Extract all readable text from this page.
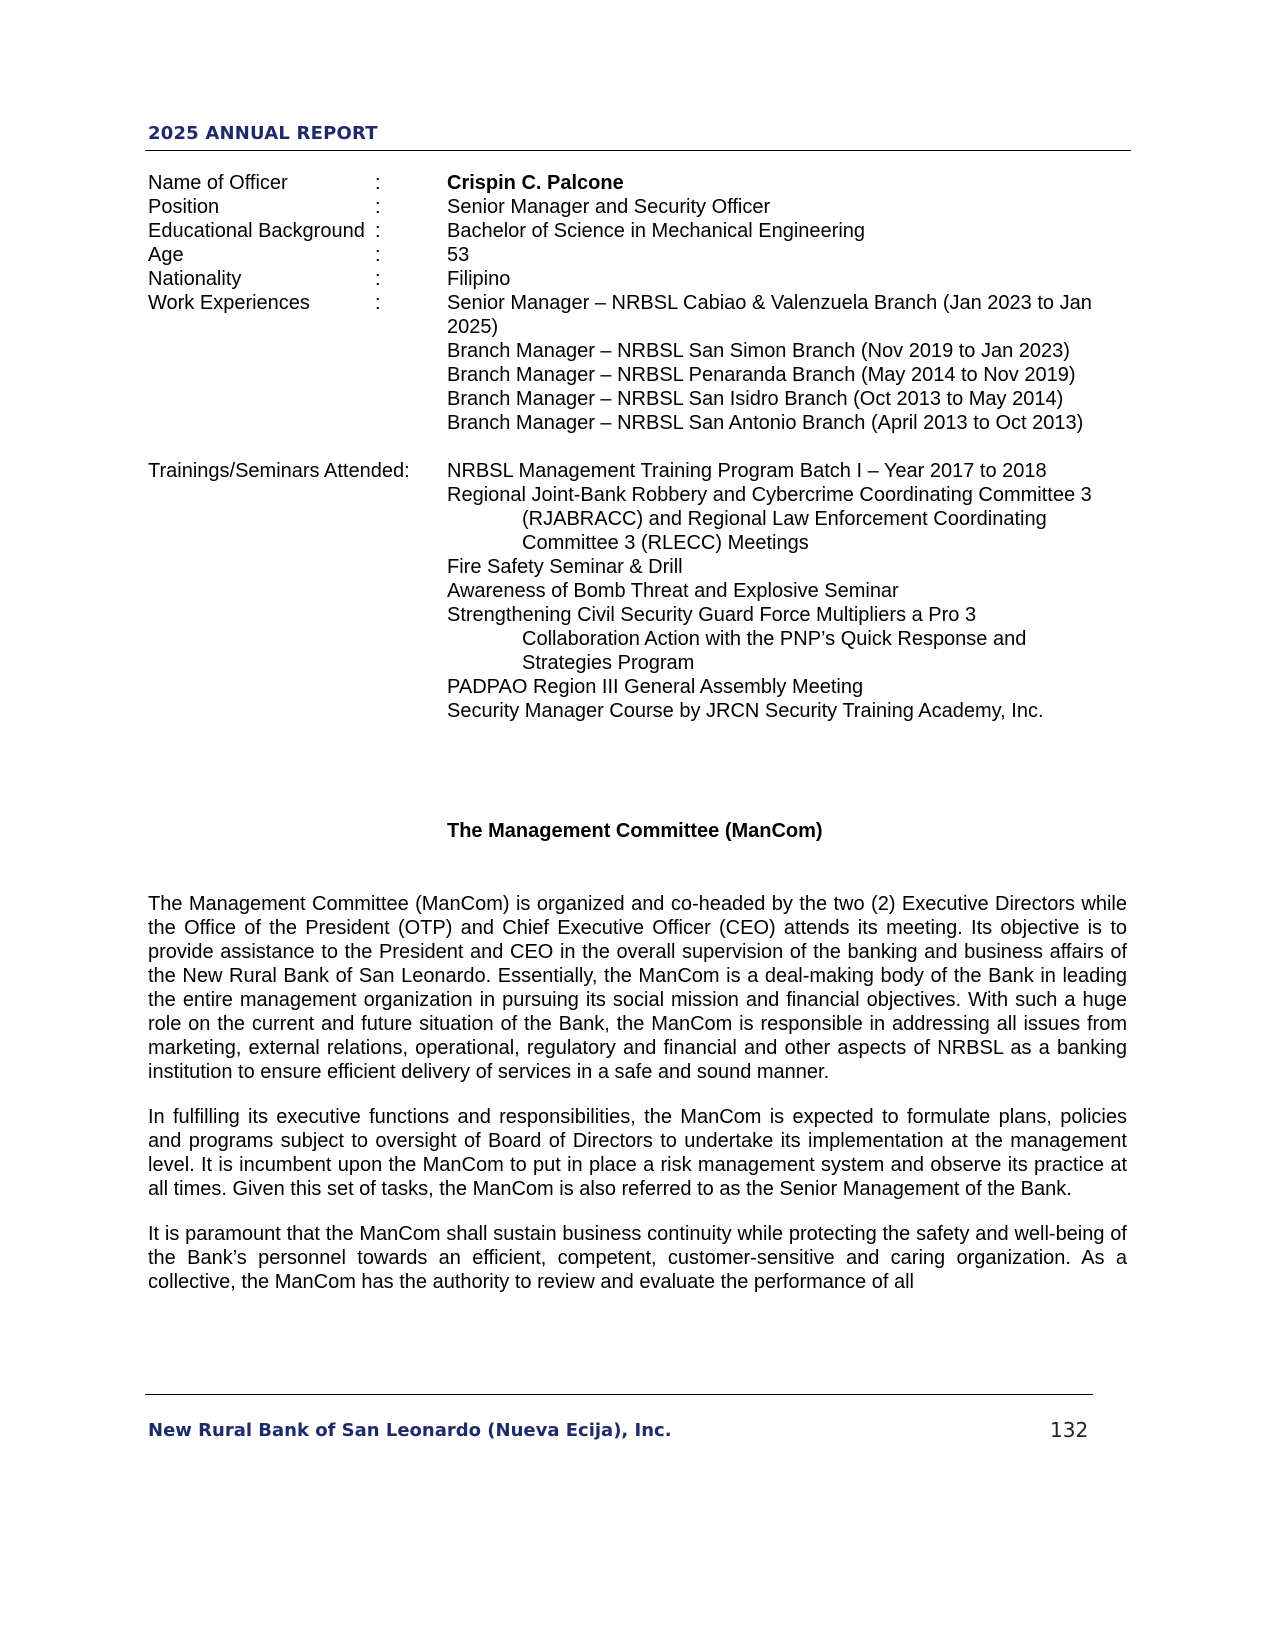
2025 ANNUAL REPORT
Name of Officer	:	Crispin C. Palcone
Position	:	Senior Manager and Security Officer
Educational Background :	Bachelor of Science in Mechanical Engineering
Age	:	53
Nationality	:	Filipino
Work Experiences	:	Senior Manager – NRBSL Cabiao & Valenzuela Branch (Jan 2023 to Jan
2025)
Branch Manager – NRBSL San Simon Branch (Nov 2019 to Jan 2023)
Branch Manager – NRBSL Penaranda Branch (May 2014 to Nov 2019)
Branch Manager – NRBSL San Isidro Branch (Oct 2013 to May 2014)
Branch Manager – NRBSL San Antonio Branch (April 2013 to Oct 2013)
Trainings/Seminars Attended:	NRBSL Management Training Program Batch I – Year 2017 to 2018
Regional Joint-Bank Robbery and Cybercrime Coordinating Committee 3
(RJABRACC) and Regional Law Enforcement Coordinating
Committee 3 (RLECC) Meetings
Fire Safety Seminar & Drill
Awareness of Bomb Threat and Explosive Seminar
Strengthening Civil Security Guard Force Multipliers a Pro 3
Collaboration Action with the PNP’s Quick Response and
Strategies Program
PADPAO Region III General Assembly Meeting
Security Manager Course by JRCN Security Training Academy, Inc.
The Management Committee (ManCom)

The Management Committee (ManCom) is organized and co-headed by the two (2) Executive Directors while the Office of the President (OTP) and Chief Executive Officer (CEO) attends its meeting. Its objective is to provide assistance to the President and CEO in the overall supervision of the banking and business affairs of the New Rural Bank of San Leonardo. Essentially, the ManCom is a deal-making body of the Bank in leading the entire management organization in pursuing its social mission and financial objectives. With such a huge role on the current and future situation of the Bank, the ManCom is responsible in addressing all issues from marketing, external relations, operational, regulatory and financial and other aspects of NRBSL as a banking institution to ensure efficient delivery of services in a safe and sound manner.

In fulfilling its executive functions and responsibilities, the ManCom is expected to formulate plans, policies and programs subject to oversight of Board of Directors to undertake its implementation at the management level. It is incumbent upon the ManCom to put in place a risk management system and observe its practice at all times. Given this set of tasks, the ManCom is also referred to as the Senior Management of the Bank.

It is paramount that the ManCom shall sustain business continuity while protecting the safety and well-being of the Bank’s personnel towards an efficient, competent, customer-sensitive and caring organization. As a collective, the ManCom has the authority to review and evaluate the performance of all

New Rural Bank of San Leonardo (Nueva Ecija), Inc.	132
